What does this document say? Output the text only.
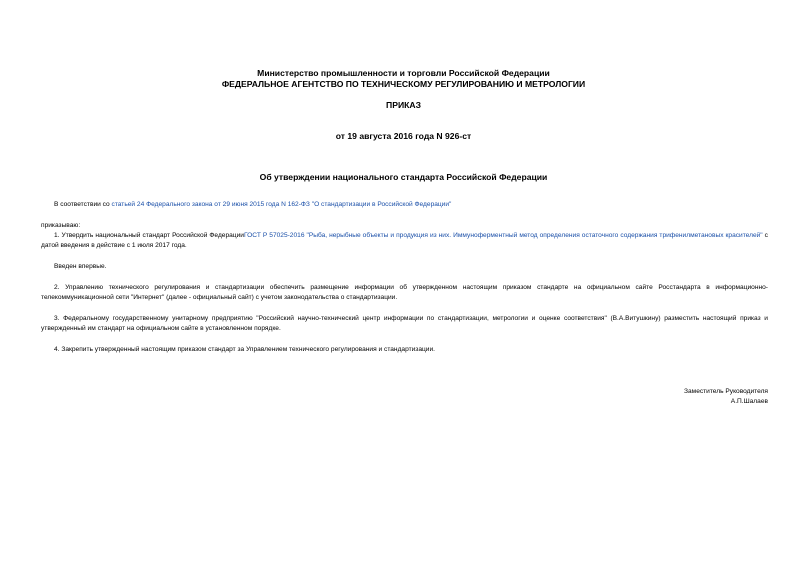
Министерство промышленности и торговли Российской Федерации
ФЕДЕРАЛЬНОЕ АГЕНТСТВО ПО ТЕХНИЧЕСКОМУ РЕГУЛИРОВАНИЮ И МЕТРОЛОГИИ
ПРИКАЗ
от 19 августа 2016 года N 926-ст
Об утверждении национального стандарта Российской Федерации
В соответствии со статьей 24 Федерального закона от 29 июня 2015 года N 162-ФЗ "О стандартизации в Российской Федерации"
приказываю:
1. Утвердить национальный стандарт Российской ФедерацииГОСТ Р 57025-2016 "Рыба, нерыбные объекты и продукция из них. Иммуноферментный метод определения остаточного содержания трифенилметановых красителей" с датой введения в действие с 1 июля 2017 года.
Введен впервые.
2. Управлению технического регулирования и стандартизации обеспечить размещение информации об утвержденном настоящим приказом стандарте на официальном сайте Росстандарта в информационно-телекоммуникационной сети "Интернет" (далее - официальный сайт) с учетом законодательства о стандартизации.
3. Федеральному государственному унитарному предприятию "Российский научно-технический центр информации по стандартизации, метрологии и оценке соответствия" (В.А.Витушкину) разместить настоящий приказ и утвержденный им стандарт на официальном сайте в установленном порядке.
4. Закрепить утвержденный настоящим приказом стандарт за Управлением технического регулирования и стандартизации.
Заместитель Руководителя
А.П.Шалаев
